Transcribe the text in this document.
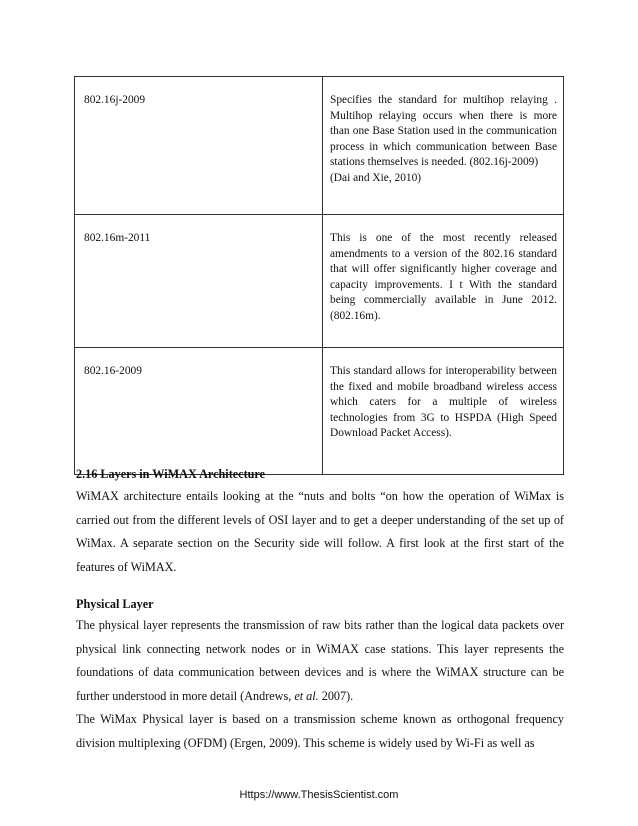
802.16j-2009	Specifies the standard for multihop relaying . Multihop relaying occurs when there is more than one Base Station used in the communication process in which communication between Base stations themselves is needed. (802.16j-2009)
(Dai and Xie, 2010)
802.16m-2011	This is one of the most recently released amendments to a version of the 802.16 standard that will offer significantly higher coverage and capacity improvements. I t With the standard being commercially available in June 2012. (802.16m).
802.16-2009	This standard allows for interoperability between the fixed and mobile broadband wireless access which caters for a multiple of wireless technologies from 3G to HSPDA (High Speed Download Packet Access).

2.16 Layers in WiMAX Architecture

WiMAX architecture entails looking at the “nuts and bolts “on how the operation of WiMax is carried out from the different levels of OSI layer and to get a deeper understanding of the set up of WiMax. A separate section on the Security side will follow. A first look at the first start of the features of WiMAX.

Physical Layer

The physical layer represents the transmission of raw bits rather than the logical data packets over physical link connecting network nodes or in WiMAX case stations. This layer represents the foundations of data communication between devices and is where the WiMAX structure can be further understood in more detail (Andrews, et al. 2007).

The WiMax Physical layer is based on a transmission scheme known as orthogonal frequency division multiplexing (OFDM) (Ergen, 2009). This scheme is widely used by Wi-Fi as well as

Https://www.ThesisScientist.com
